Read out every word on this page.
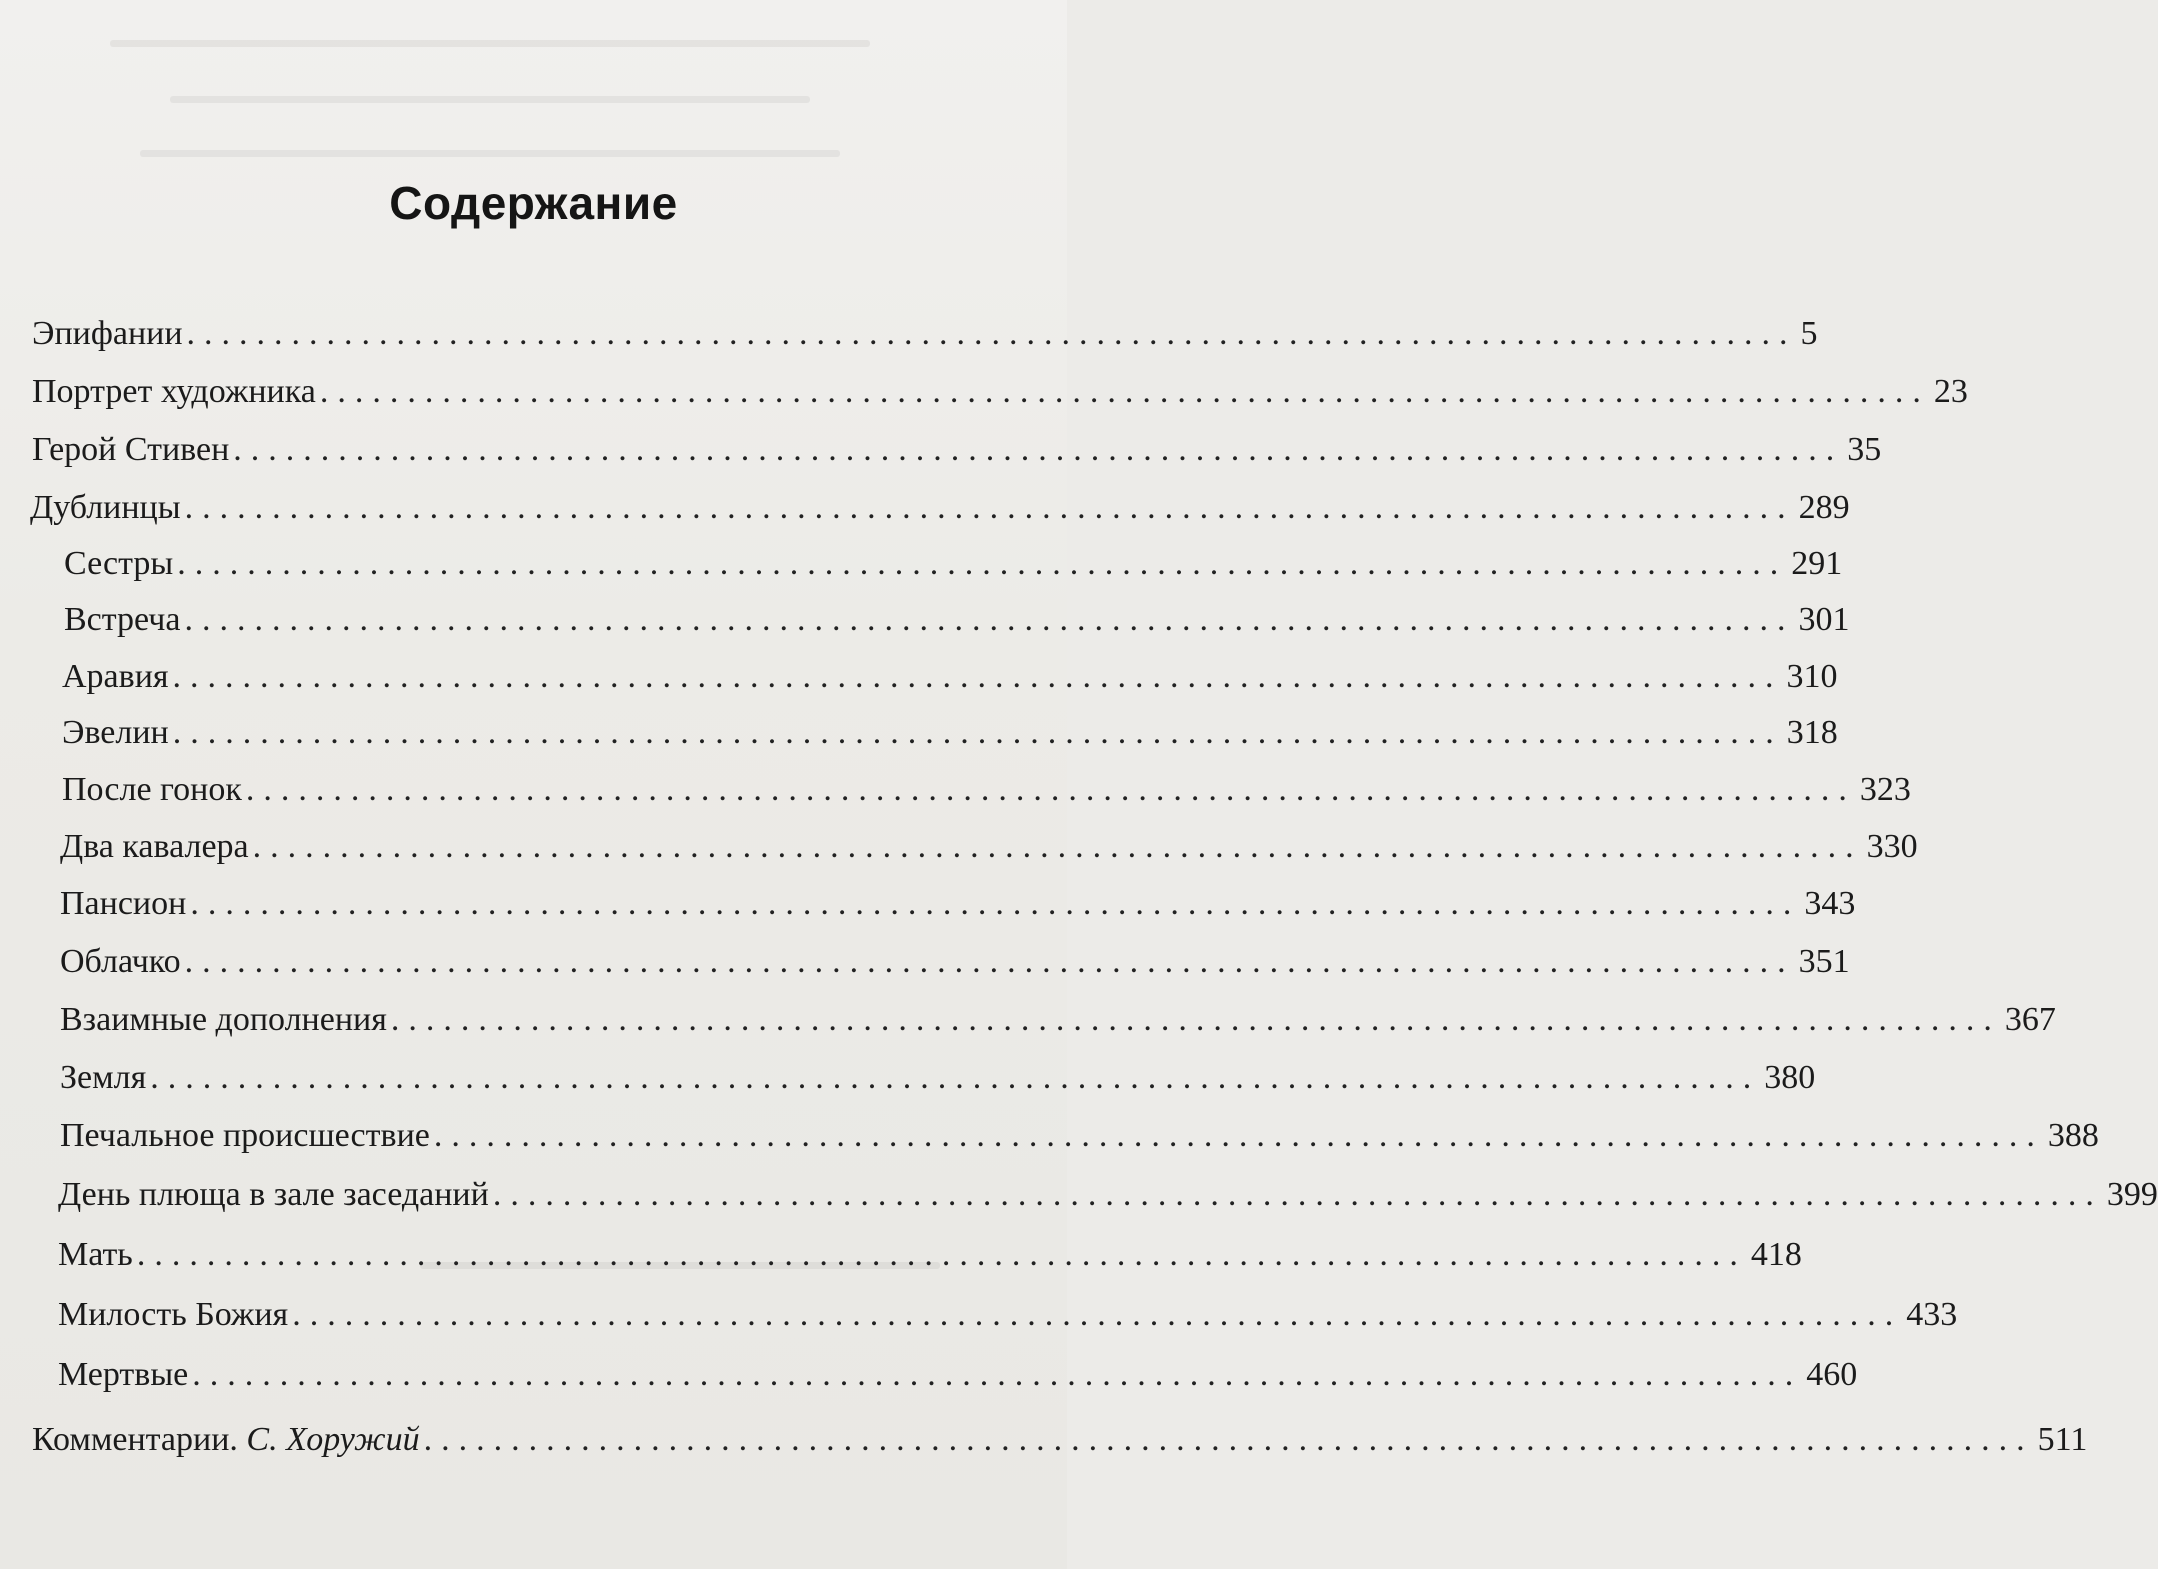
Содержание
Эпифании ............................................................................................ 5
Портрет художника ............................................................................................ 23
Герой Стивен ............................................................................................ 35
Дублинцы ............................................................................................ 289
Сестры ............................................................................................ 291
Встреча ............................................................................................ 301
Аравия ............................................................................................ 310
Эвелин ............................................................................................ 318
После гонок ............................................................................................ 323
Два кавалера ............................................................................................ 330
Пансион ............................................................................................ 343
Облачко ............................................................................................ 351
Взаимные дополнения ............................................................................................ 367
Земля ............................................................................................ 380
Печальное происшествие ............................................................................................ 388
День плюща в зале заседаний ............................................................................................ 399
Мать ............................................................................................ 418
Милость Божия ............................................................................................ 433
Мертвые ............................................................................................ 460
Комментарии. С. Хоружий ............................................................................................ 511
